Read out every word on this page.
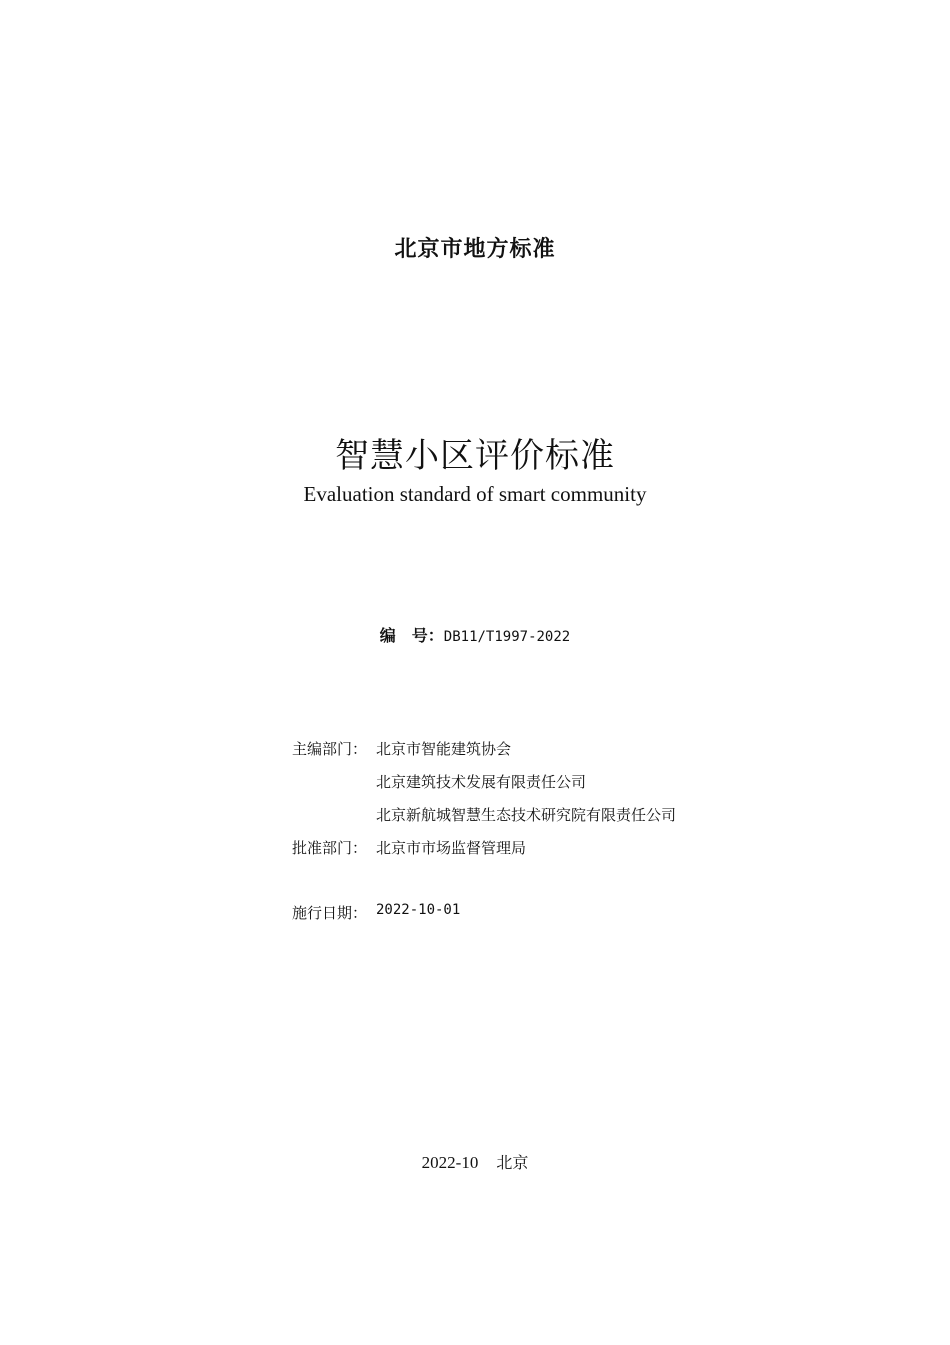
北京市地方标准
智慧小区评价标准
Evaluation standard of smart community
编　号：DB11/T1997-2022
主编部门： 北京市智能建筑协会
北京建筑技术发展有限责任公司
北京新航城智慧生态技术研究院有限责任公司
批准部门： 北京市市场监督管理局
施行日期： 2022-10-01
2022-10 北京
